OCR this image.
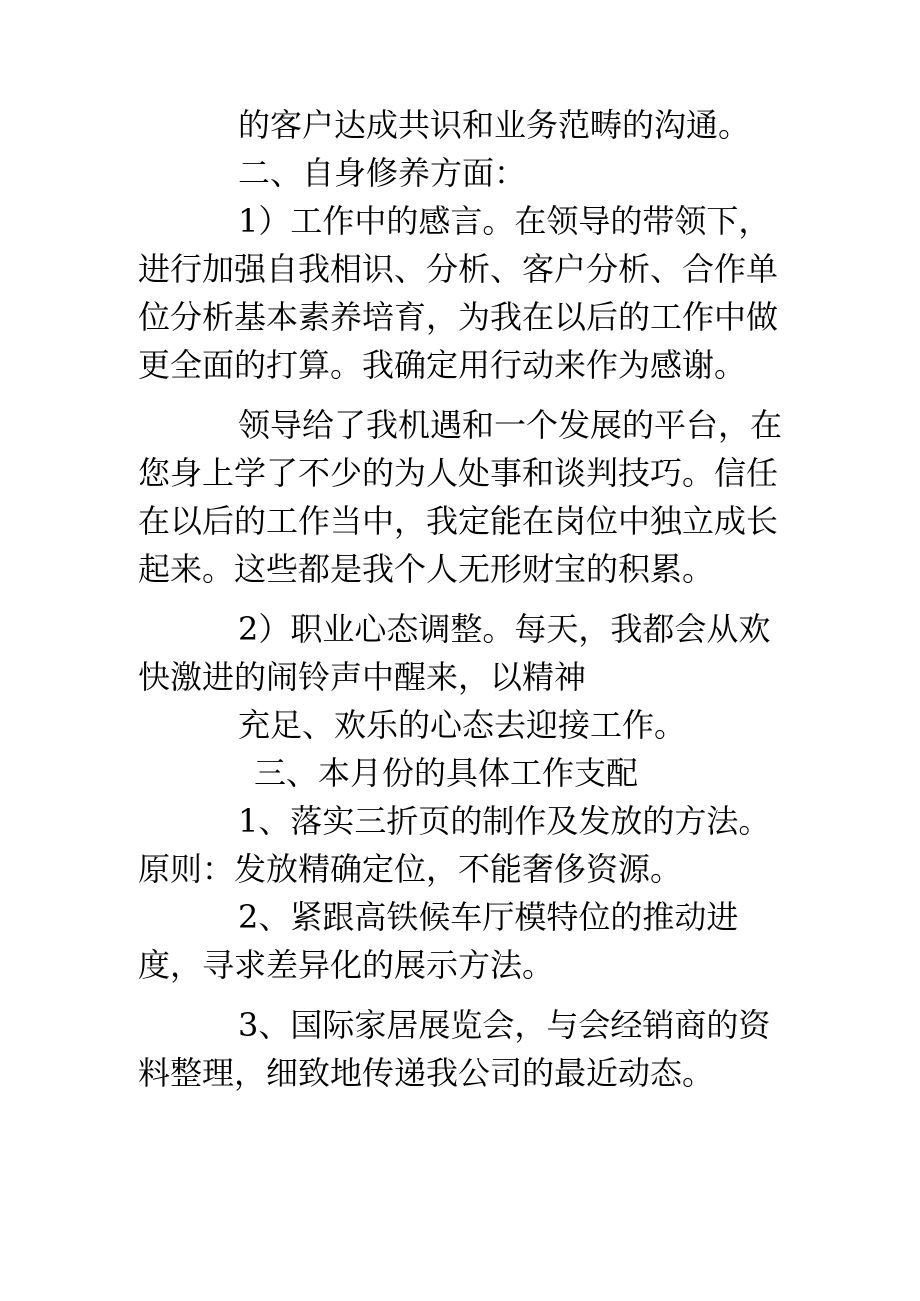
的客户达成共识和业务范畴的沟通。

二、自身修养方面：

1）工作中的感言。在领导的带领下，进行加强自我相识、分析、客户分析、合作单位分析基本素养培育，为我在以后的工作中做更全面的打算。我确定用行动来作为感谢。

领导给了我机遇和一个发展的平台，在您身上学了不少的为人处事和谈判技巧。信任在以后的工作当中，我定能在岗位中独立成长起来。这些都是我个人无形财宝的积累。

2）职业心态调整。每天，我都会从欢快激进的闹铃声中醒来，以精神

充足、欢乐的心态去迎接工作。

三、本月份的具体工作支配

1、落实三折页的制作及发放的方法。原则：发放精确定位，不能奢侈资源。

2、紧跟高铁候车厅模特位的推动进度，寻求差异化的展示方法。

3、国际家居展览会，与会经销商的资料整理，细致地传递我公司的最近动态。
